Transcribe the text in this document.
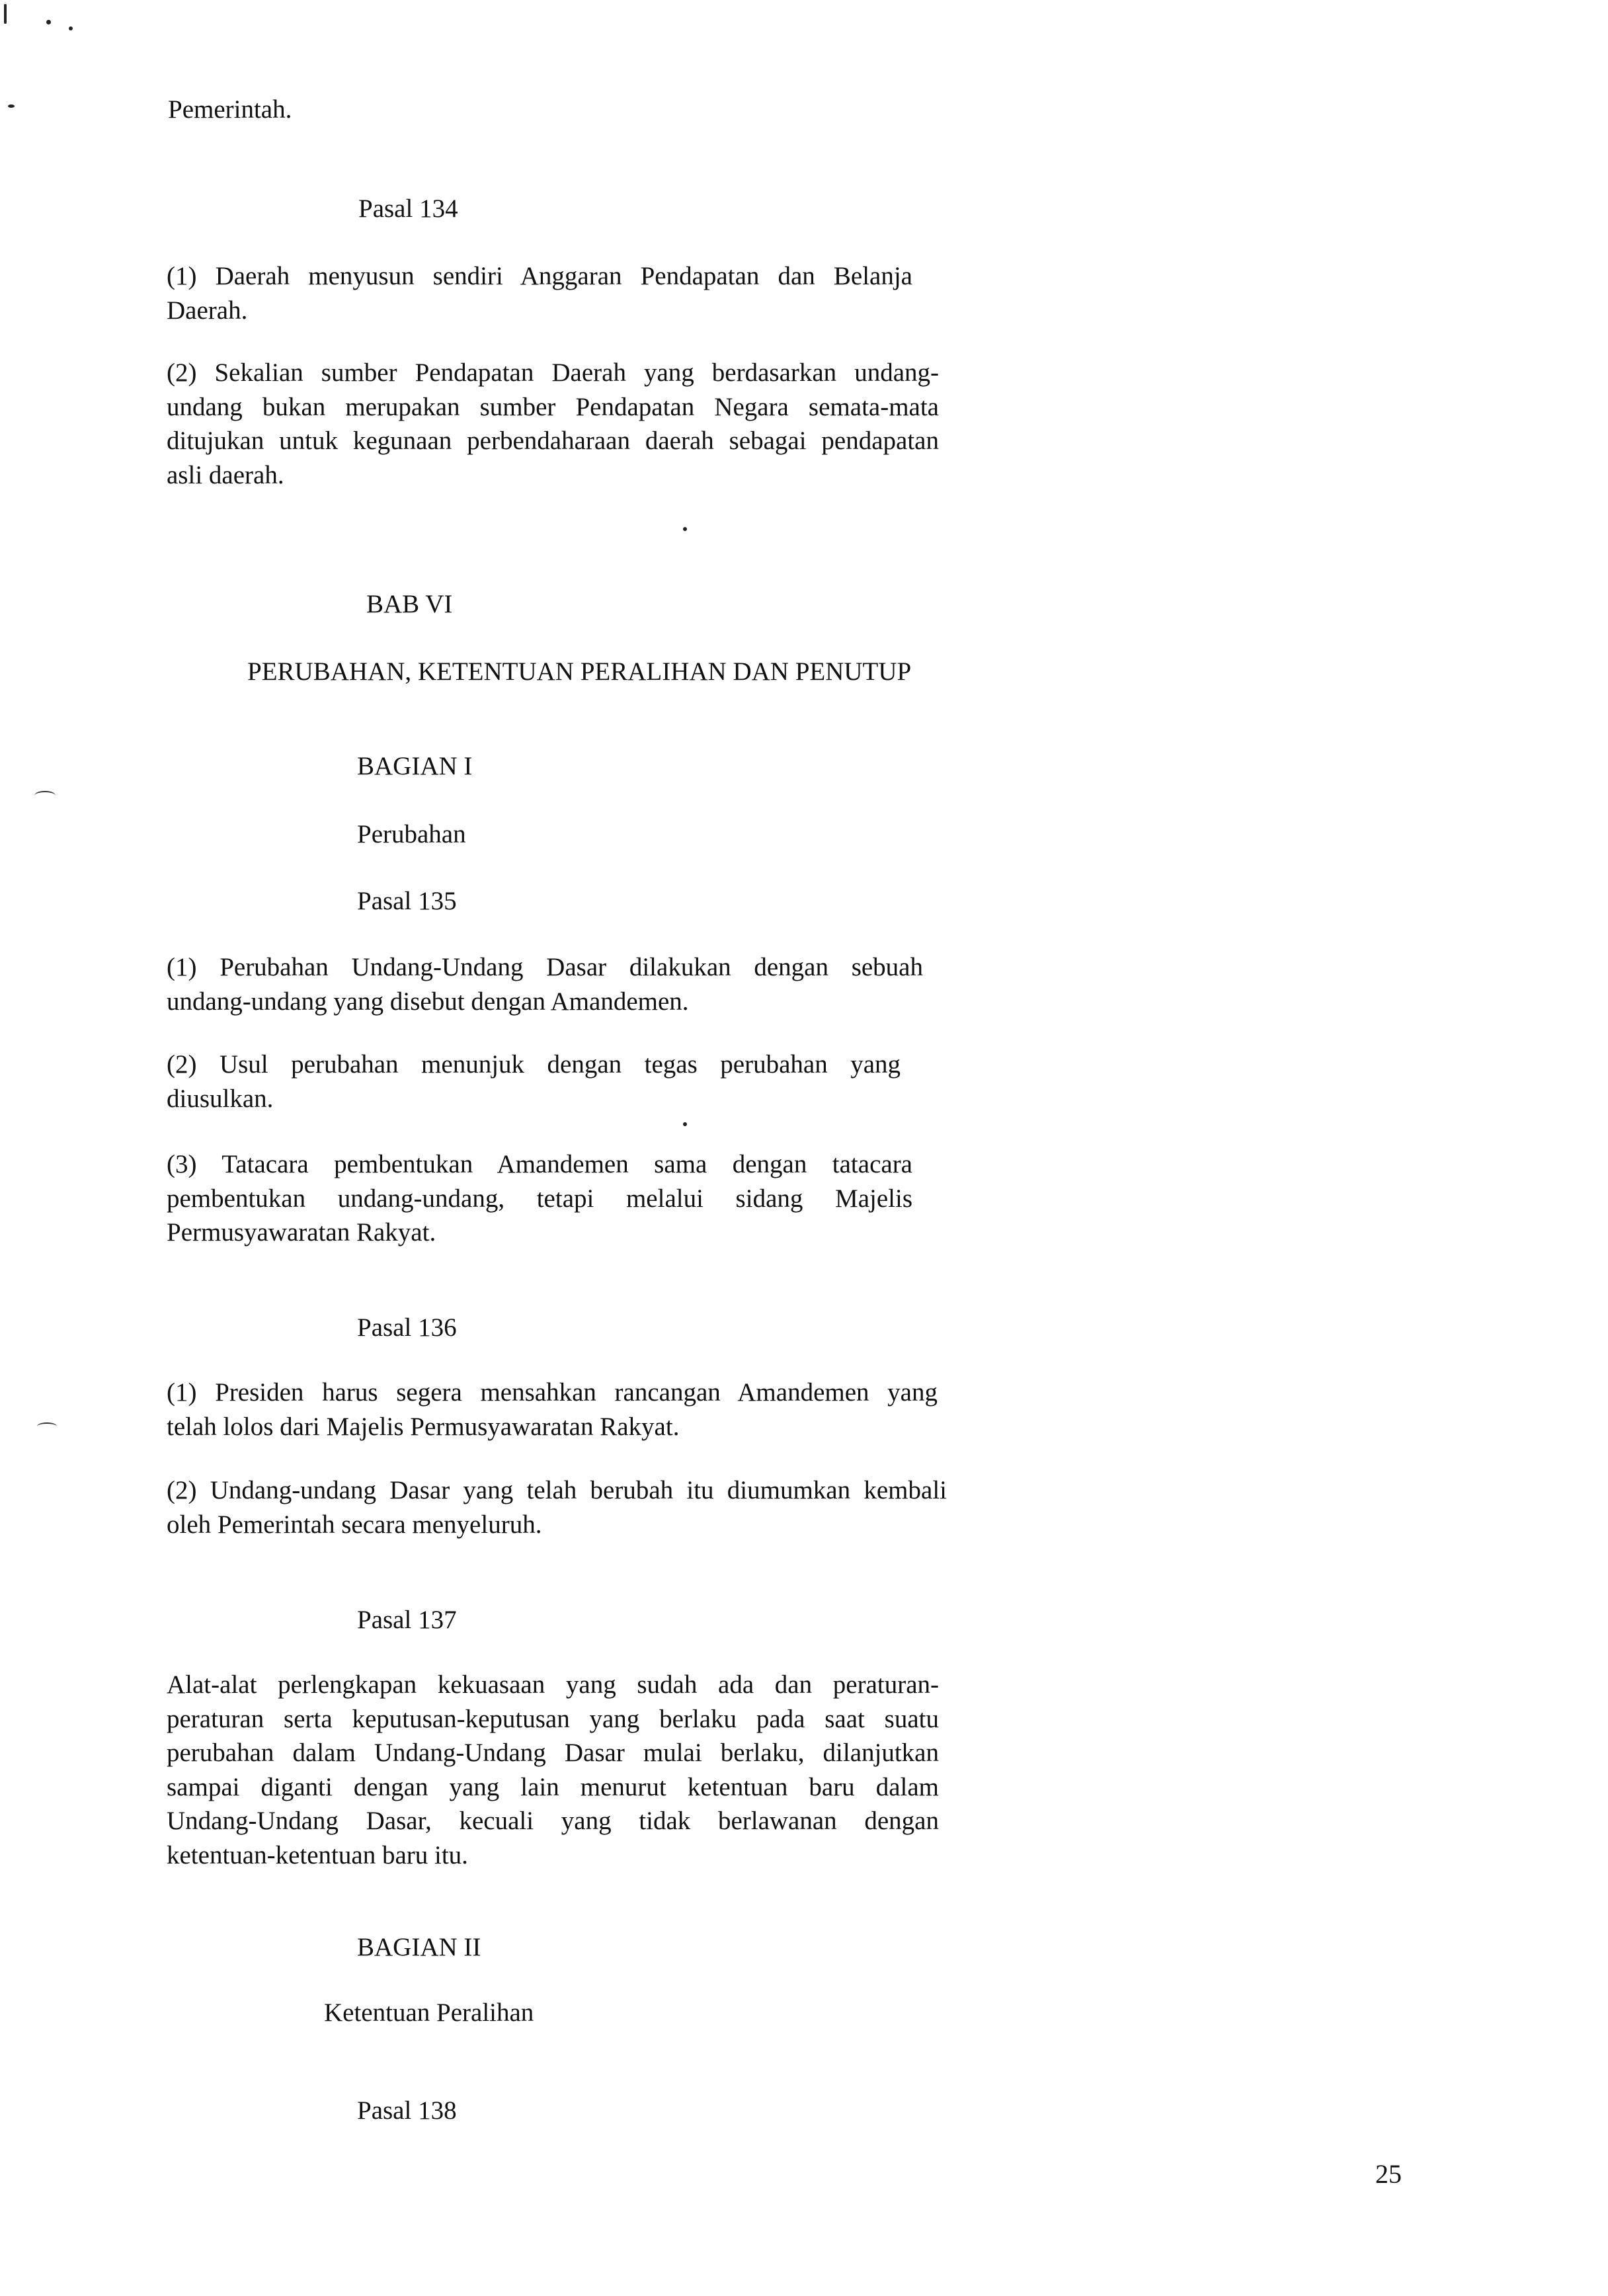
Pemerintah.
Pasal 134
(1) Daerah menyusun sendiri Anggaran Pendapatan dan Belanja
Daerah.
(2) Sekalian sumber Pendapatan Daerah yang berdasarkan undang-
undang bukan merupakan sumber Pendapatan Negara semata-mata
ditujukan untuk kegunaan perbendaharaan daerah sebagai pendapatan
asli daerah.
BAB VI
PERUBAHAN, KETENTUAN PERALIHAN DAN PENUTUP
BAGIAN I
Perubahan
Pasal 135
(1) Perubahan Undang-Undang Dasar dilakukan dengan sebuah
undang-undang yang disebut dengan Amandemen.
(2) Usul perubahan menunjuk dengan tegas perubahan yang
diusulkan.
(3) Tatacara pembentukan Amandemen sama dengan tatacara
pembentukan undang-undang, tetapi melalui sidang Majelis
Permusyawaratan Rakyat.
Pasal 136
(1) Presiden harus segera mensahkan rancangan Amandemen yang
telah lolos dari Majelis Permusyawaratan Rakyat.
(2) Undang-undang Dasar yang telah berubah itu diumumkan kembali
oleh Pemerintah secara menyeluruh.
Pasal 137
Alat-alat perlengkapan kekuasaan yang sudah ada dan peraturan-
peraturan serta keputusan-keputusan yang berlaku pada saat suatu
perubahan dalam Undang-Undang Dasar mulai berlaku, dilanjutkan
sampai diganti dengan yang lain menurut ketentuan baru dalam
Undang-Undang Dasar, kecuali yang tidak berlawanan dengan
ketentuan-ketentuan baru itu.
BAGIAN II
Ketentuan Peralihan
Pasal 138
25
